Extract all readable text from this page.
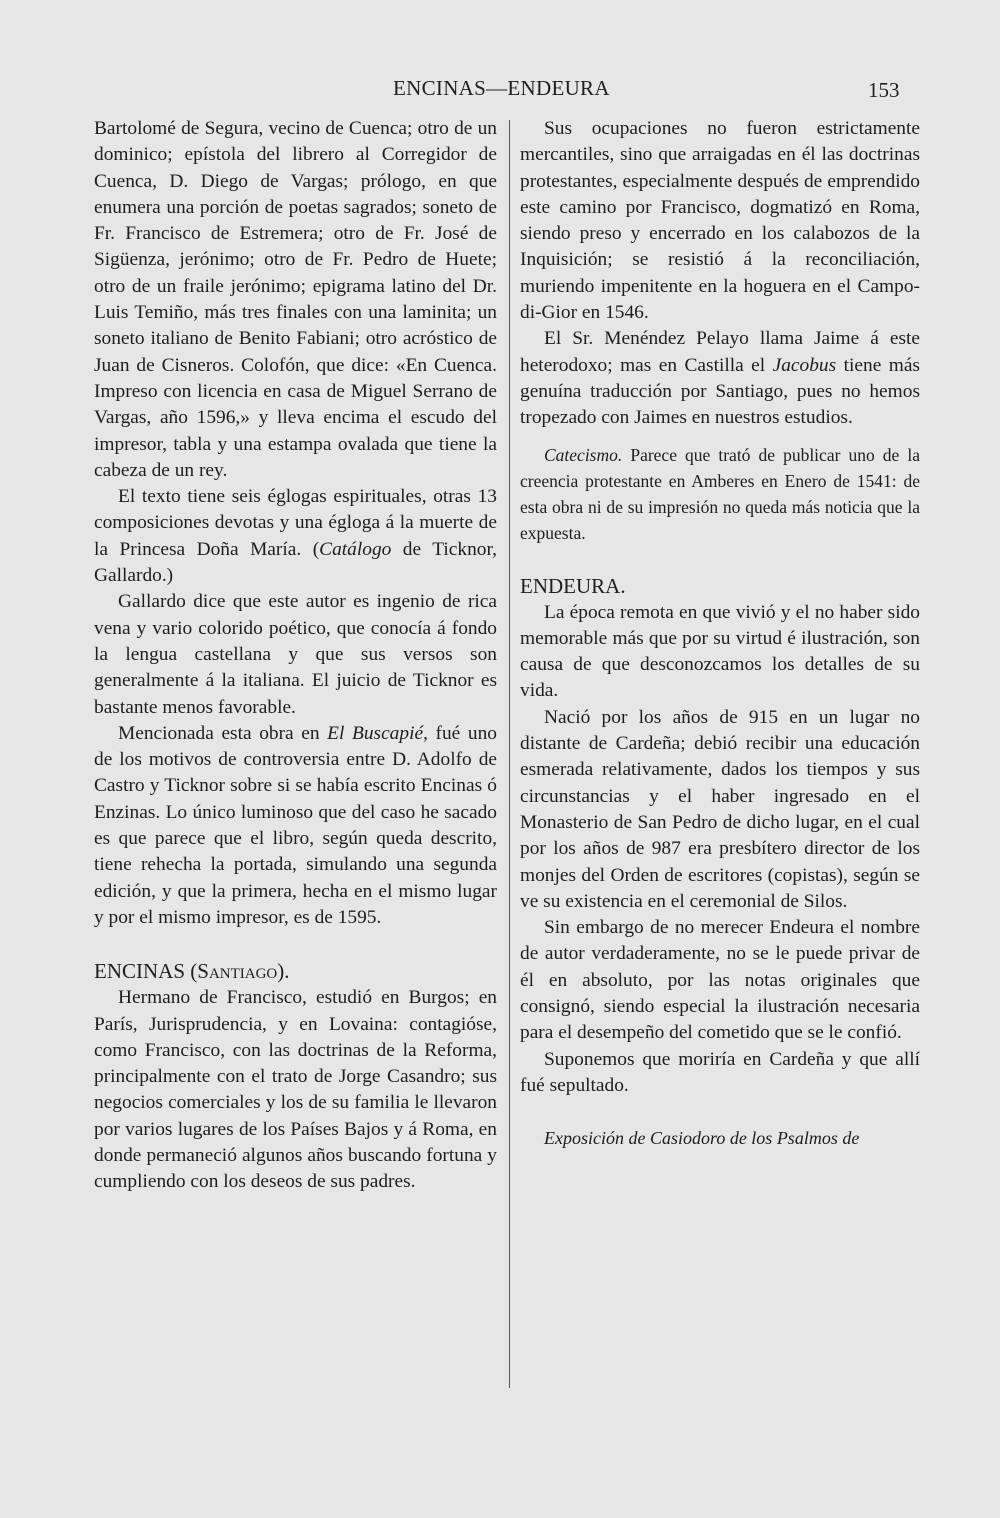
ENCINAS—ENDEURA	153

Bartolomé de Segura, vecino de Cuenca; otro de un dominico; epístola del librero al Corregidor de Cuenca, D. Diego de Vargas; prólogo, en que enumera una porción de poetas sagrados; soneto de Fr. Francisco de Estremera; otro de Fr. José de Sigüenza, jerónimo; otro de Fr. Pedro de Huete; otro de un fraile jerónimo; epigrama latino del Dr. Luis Temiño, más tres finales con una laminita; un soneto italiano de Benito Fabiani; otro acróstico de Juan de Cisneros. Colofón, que dice: «En Cuenca. Impreso con licencia en casa de Miguel Serrano de Vargas, año 1596,» y lleva encima el escudo del impresor, tabla y una estampa ovalada que tiene la cabeza de un rey.

El texto tiene seis églogas espirituales, otras 13 composiciones devotas y una égloga á la muerte de la Princesa Doña María. (Catálogo de Ticknor, Gallardo.)

Gallardo dice que este autor es ingenio de rica vena y vario colorido poético, que conocía á fondo la lengua castellana y que sus versos son generalmente á la italiana. El juicio de Ticknor es bastante menos favorable.

Mencionada esta obra en El Buscapié, fué uno de los motivos de controversia entre D. Adolfo de Castro y Ticknor sobre si se había escrito Encinas ó Enzinas. Lo único luminoso que del caso he sacado es que parece que el libro, según queda descrito, tiene rehecha la portada, simulando una segunda edición, y que la primera, hecha en el mismo lugar y por el mismo impresor, es de 1595.

ENCINAS (Santiago).

Hermano de Francisco, estudió en Burgos; en París, Jurisprudencia, y en Lovaina: contagióse, como Francisco, con las doctrinas de la Reforma, principalmente con el trato de Jorge Casandro; sus negocios comerciales y los de su familia le llevaron por varios lugares de los Países Bajos y á Roma, en donde permaneció algunos años buscando fortuna y cumpliendo con los deseos de sus padres.

Sus ocupaciones no fueron estrictamente mercantiles, sino que arraigadas en él las doctrinas protestantes, especialmente después de emprendido este camino por Francisco, dogmatizó en Roma, siendo preso y encerrado en los calabozos de la Inquisición; se resistió á la reconciliación, muriendo impenitente en la hoguera en el Campo-di-Gior en 1546.

El Sr. Menéndez Pelayo llama Jaime á este heterodoxo; mas en Castilla el Jacobus tiene más genuína traducción por Santiago, pues no hemos tropezado con Jaimes en nuestros estudios.

Catecismo. Parece que trató de publicar uno de la creencia protestante en Amberes en Enero de 1541: de esta obra ni de su impresión no queda más noticia que la expuesta.

ENDEURA.

La época remota en que vivió y el no haber sido memorable más que por su virtud é ilustración, son causa de que desconozcamos los detalles de su vida.

Nació por los años de 915 en un lugar no distante de Cardeña; debió recibir una educación esmerada relativamente, dados los tiempos y sus circunstancias y el haber ingresado en el Monasterio de San Pedro de dicho lugar, en el cual por los años de 987 era presbítero director de los monjes del Orden de escritores (copistas), según se ve su existencia en el ceremonial de Silos.

Sin embargo de no merecer Endeura el nombre de autor verdaderamente, no se le puede privar de él en absoluto, por las notas originales que consignó, siendo especial la ilustración necesaria para el desempeño del cometido que se le confió.

Suponemos que moriría en Cardeña y que allí fué sepultado.

Exposición de Casiodoro de los Psalmos de
